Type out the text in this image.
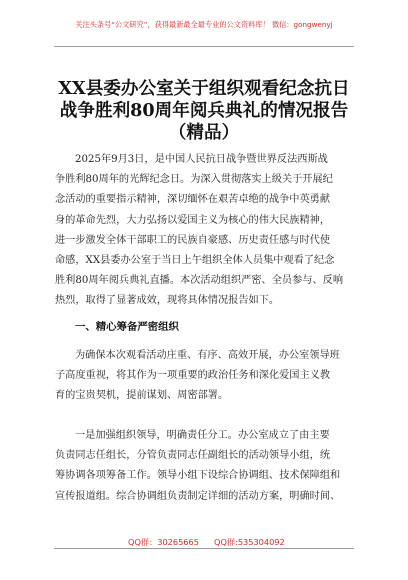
关注头条号“公文研究”，获得最新最全最专业的公文资料库！ 微信：gongwenyj
XX县委办公室关于组织观看纪念抗日
战争胜利80周年阅兵典礼的情况报告
（精品）
2025年9月3日，是中国人民抗日战争暨世界反法西斯战
争胜利80周年的光辉纪念日。为深入贯彻落实上级关于开展纪
念活动的重要指示精神，深切缅怀在艰苦卓绝的战争中英勇献
身的革命先烈，大力弘扬以爱国主义为核心的伟大民族精神，
进一步激发全体干部职工的民族自豪感、历史责任感与时代使
命感，XX县委办公室于当日上午组织全体人员集中观看了纪念
胜利80周年阅兵典礼直播。本次活动组织严密、全员参与、反响
热烈，取得了显著成效，现将具体情况报告如下。
一、精心筹备严密组织
为确保本次观看活动庄重、有序、高效开展，办公室领导班
子高度重视，将其作为一项重要的政治任务和深化爱国主义教
育的宝贵契机，提前谋划、周密部署。
一是加强组织领导，明确责任分工。办公室成立了由主要
负责同志任组长，分管负责同志任副组长的活动领导小组，统
筹协调各项筹备工作。领导小组下设综合协调组、技术保障组和
宣传报道组。综合协调组负责制定详细的活动方案，明确时间、
QQ群：30265665 QQ群:535304092
